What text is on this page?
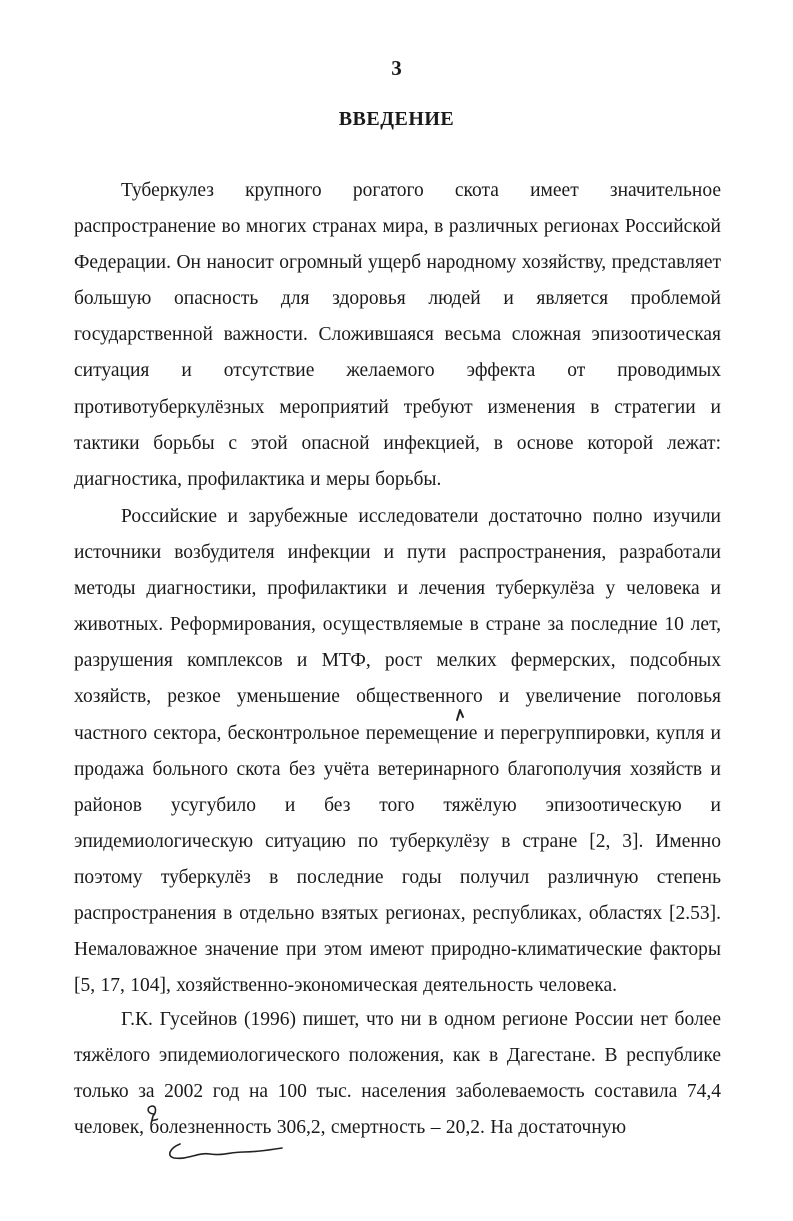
3
ВВЕДЕНИЕ

Туберкулез крупного рогатого скота имеет значительное распространение во многих странах мира, в различных регионах Российской Федерации. Он наносит огромный ущерб народному хозяйству, представляет большую опасность для здоровья людей и является проблемой государственной важности. Сложившаяся весьма сложная эпизоотическая ситуация и отсутствие желаемого эффекта от проводимых противотуберкулёзных мероприятий требуют изменения в стратегии и тактики борьбы с этой опасной инфекцией, в основе которой лежат: диагностика, профилактика и меры борьбы.

Российские и зарубежные исследователи достаточно полно изучили источники возбудителя инфекции и пути распространения, разработали методы диагностики, профилактики и лечения туберкулёза у человека и животных. Реформирования, осуществляемые в стране за последние 10 лет, разрушения комплексов и МТФ, рост мелких фермерских, подсобных хозяйств, резкое уменьшение общественного и увеличение поголовья частного сектора, бесконтрольное перемещение и перегруппировки, купля и продажа больного скота без учёта ветеринарного благополучия хозяйств и районов усугубило и без того тяжёлую эпизоотическую и эпидемиологическую ситуацию по туберкулёзу в стране [2, 3]. Именно поэтому туберкулёз в последние годы получил различную степень распространения в отдельно взятых регионах, республиках, областях [2.53]. Немаловажное значение при этом имеют природно-климатические факторы [5, 17, 104], хозяйственно-экономическая деятельность человека.

Г.К. Гусейнов (1996) пишет, что ни в одном регионе России нет более тяжёлого эпидемиологического положения, как в Дагестане. В республике только за 2002 год на 100 тыс. населения заболеваемость составила 74,4 человек, болезненность 306,2, смертность – 20,2. На достаточную
